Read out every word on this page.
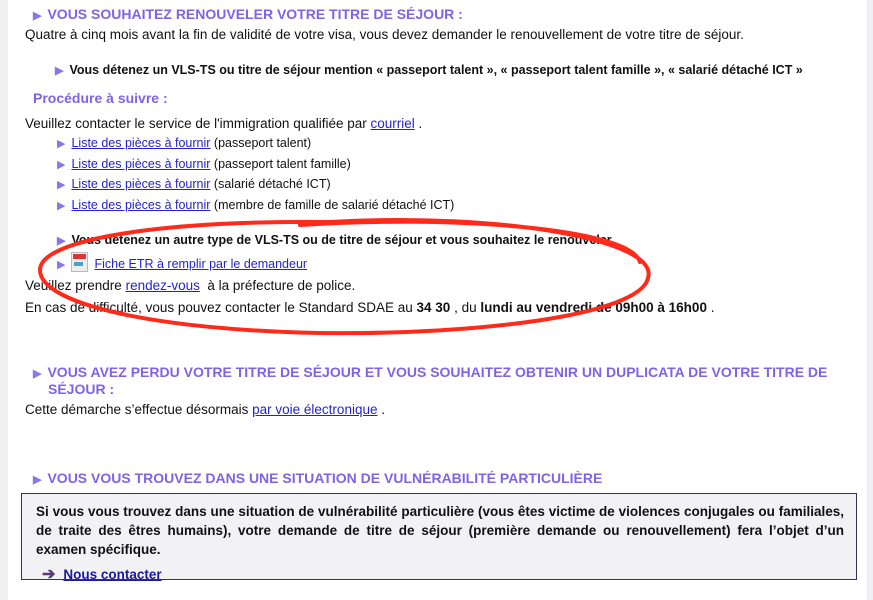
▶ VOUS SOUHAITEZ RENOUVELER VOTRE TITRE DE SÉJOUR :
Quatre à cinq mois avant la fin de validité de votre visa, vous devez demander le renouvellement de votre titre de séjour.
▶ Vous détenez un VLS-TS ou titre de séjour mention « passeport talent », « passeport talent famille », « salarié détaché ICT »
Procédure à suivre :
Veuillez contacter le service de l'immigration qualifiée par courriel .
▶ Liste des pièces à fournir (passeport talent)
▶ Liste des pièces à fournir (passeport talent famille)
▶ Liste des pièces à fournir (salarié détaché ICT)
▶ Liste des pièces à fournir (membre de famille de salarié détaché ICT)
▶ Vous détenez un autre type de VLS-TS ou de titre de séjour et vous souhaitez le renouveler
▶ Fiche ETR à remplir par le demandeur
Veuillez prendre rendez-vous à la préfecture de police.
En cas de difficulté, vous pouvez contacter le Standard SDAE au 34 30 , du lundi au vendredi de 09h00 à 16h00 .
▶ VOUS AVEZ PERDU VOTRE TITRE DE SÉJOUR ET VOUS SOUHAITEZ OBTENIR UN DUPLICATA DE VOTRE TITRE DE
SÉJOUR :
Cette démarche s’effectue désormais par voie électronique .
▶ VOUS VOUS TROUVEZ DANS UNE SITUATION DE VULNÉRABILITÉ PARTICULIÈRE

Si vous vous trouvez dans une situation de vulnérabilité particulière (vous êtes victime de violences conjugales ou familiales, de traite des êtres humains), votre demande de titre de séjour (première demande ou renouvellement) fera l’objet d’un examen spécifique.

➔ Nous contacter
